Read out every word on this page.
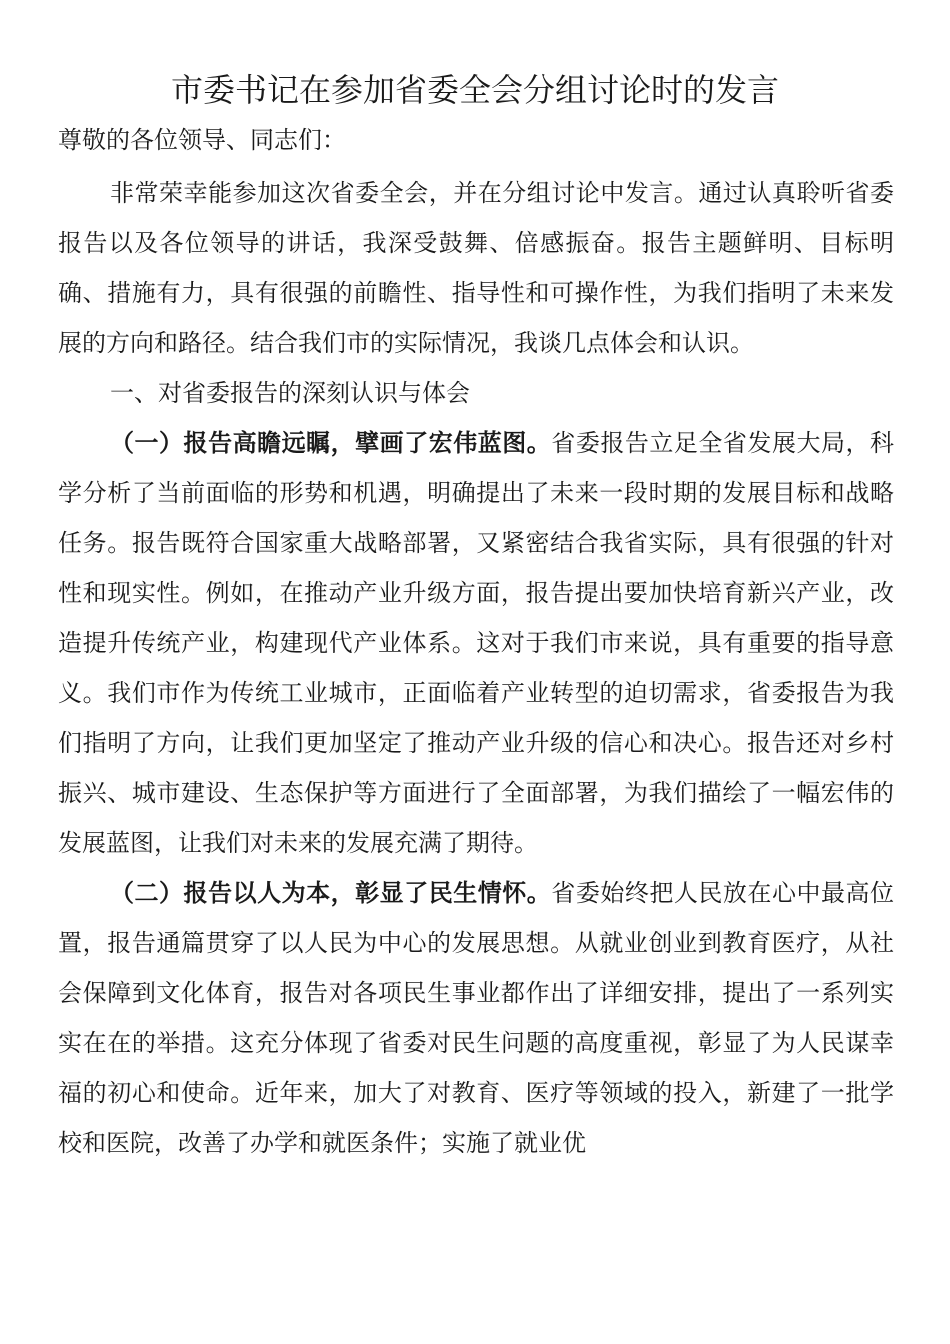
市委书记在参加省委全会分组讨论时的发言

尊敬的各位领导、同志们：

非常荣幸能参加这次省委全会，并在分组讨论中发言。通过认真聆听省委报告以及各位领导的讲话，我深受鼓舞、倍感振奋。报告主题鲜明、目标明确、措施有力，具有很强的前瞻性、指导性和可操作性，为我们指明了未来发展的方向和路径。结合我们市的实际情况，我谈几点体会和认识。

一、对省委报告的深刻认识与体会

（一）报告高瞻远瞩，擘画了宏伟蓝图。省委报告立足全省发展大局，科学分析了当前面临的形势和机遇，明确提出了未来一段时期的发展目标和战略任务。报告既符合国家重大战略部署，又紧密结合我省实际，具有很强的针对性和现实性。例如，在推动产业升级方面，报告提出要加快培育新兴产业，改造提升传统产业，构建现代产业体系。这对于我们市来说，具有重要的指导意义。我们市作为传统工业城市，正面临着产业转型的迫切需求，省委报告为我们指明了方向，让我们更加坚定了推动产业升级的信心和决心。报告还对乡村振兴、城市建设、生态保护等方面进行了全面部署，为我们描绘了一幅宏伟的发展蓝图，让我们对未来的发展充满了期待。

（二）报告以人为本，彰显了民生情怀。省委始终把人民放在心中最高位置，报告通篇贯穿了以人民为中心的发展思想。从就业创业到教育医疗，从社会保障到文化体育，报告对各项民生事业都作出了详细安排，提出了一系列实实在在的举措。这充分体现了省委对民生问题的高度重视，彰显了为人民谋幸福的初心和使命。近年来，加大了对教育、医疗等领域的投入，新建了一批学校和医院，改善了办学和就医条件；实施了就业优
